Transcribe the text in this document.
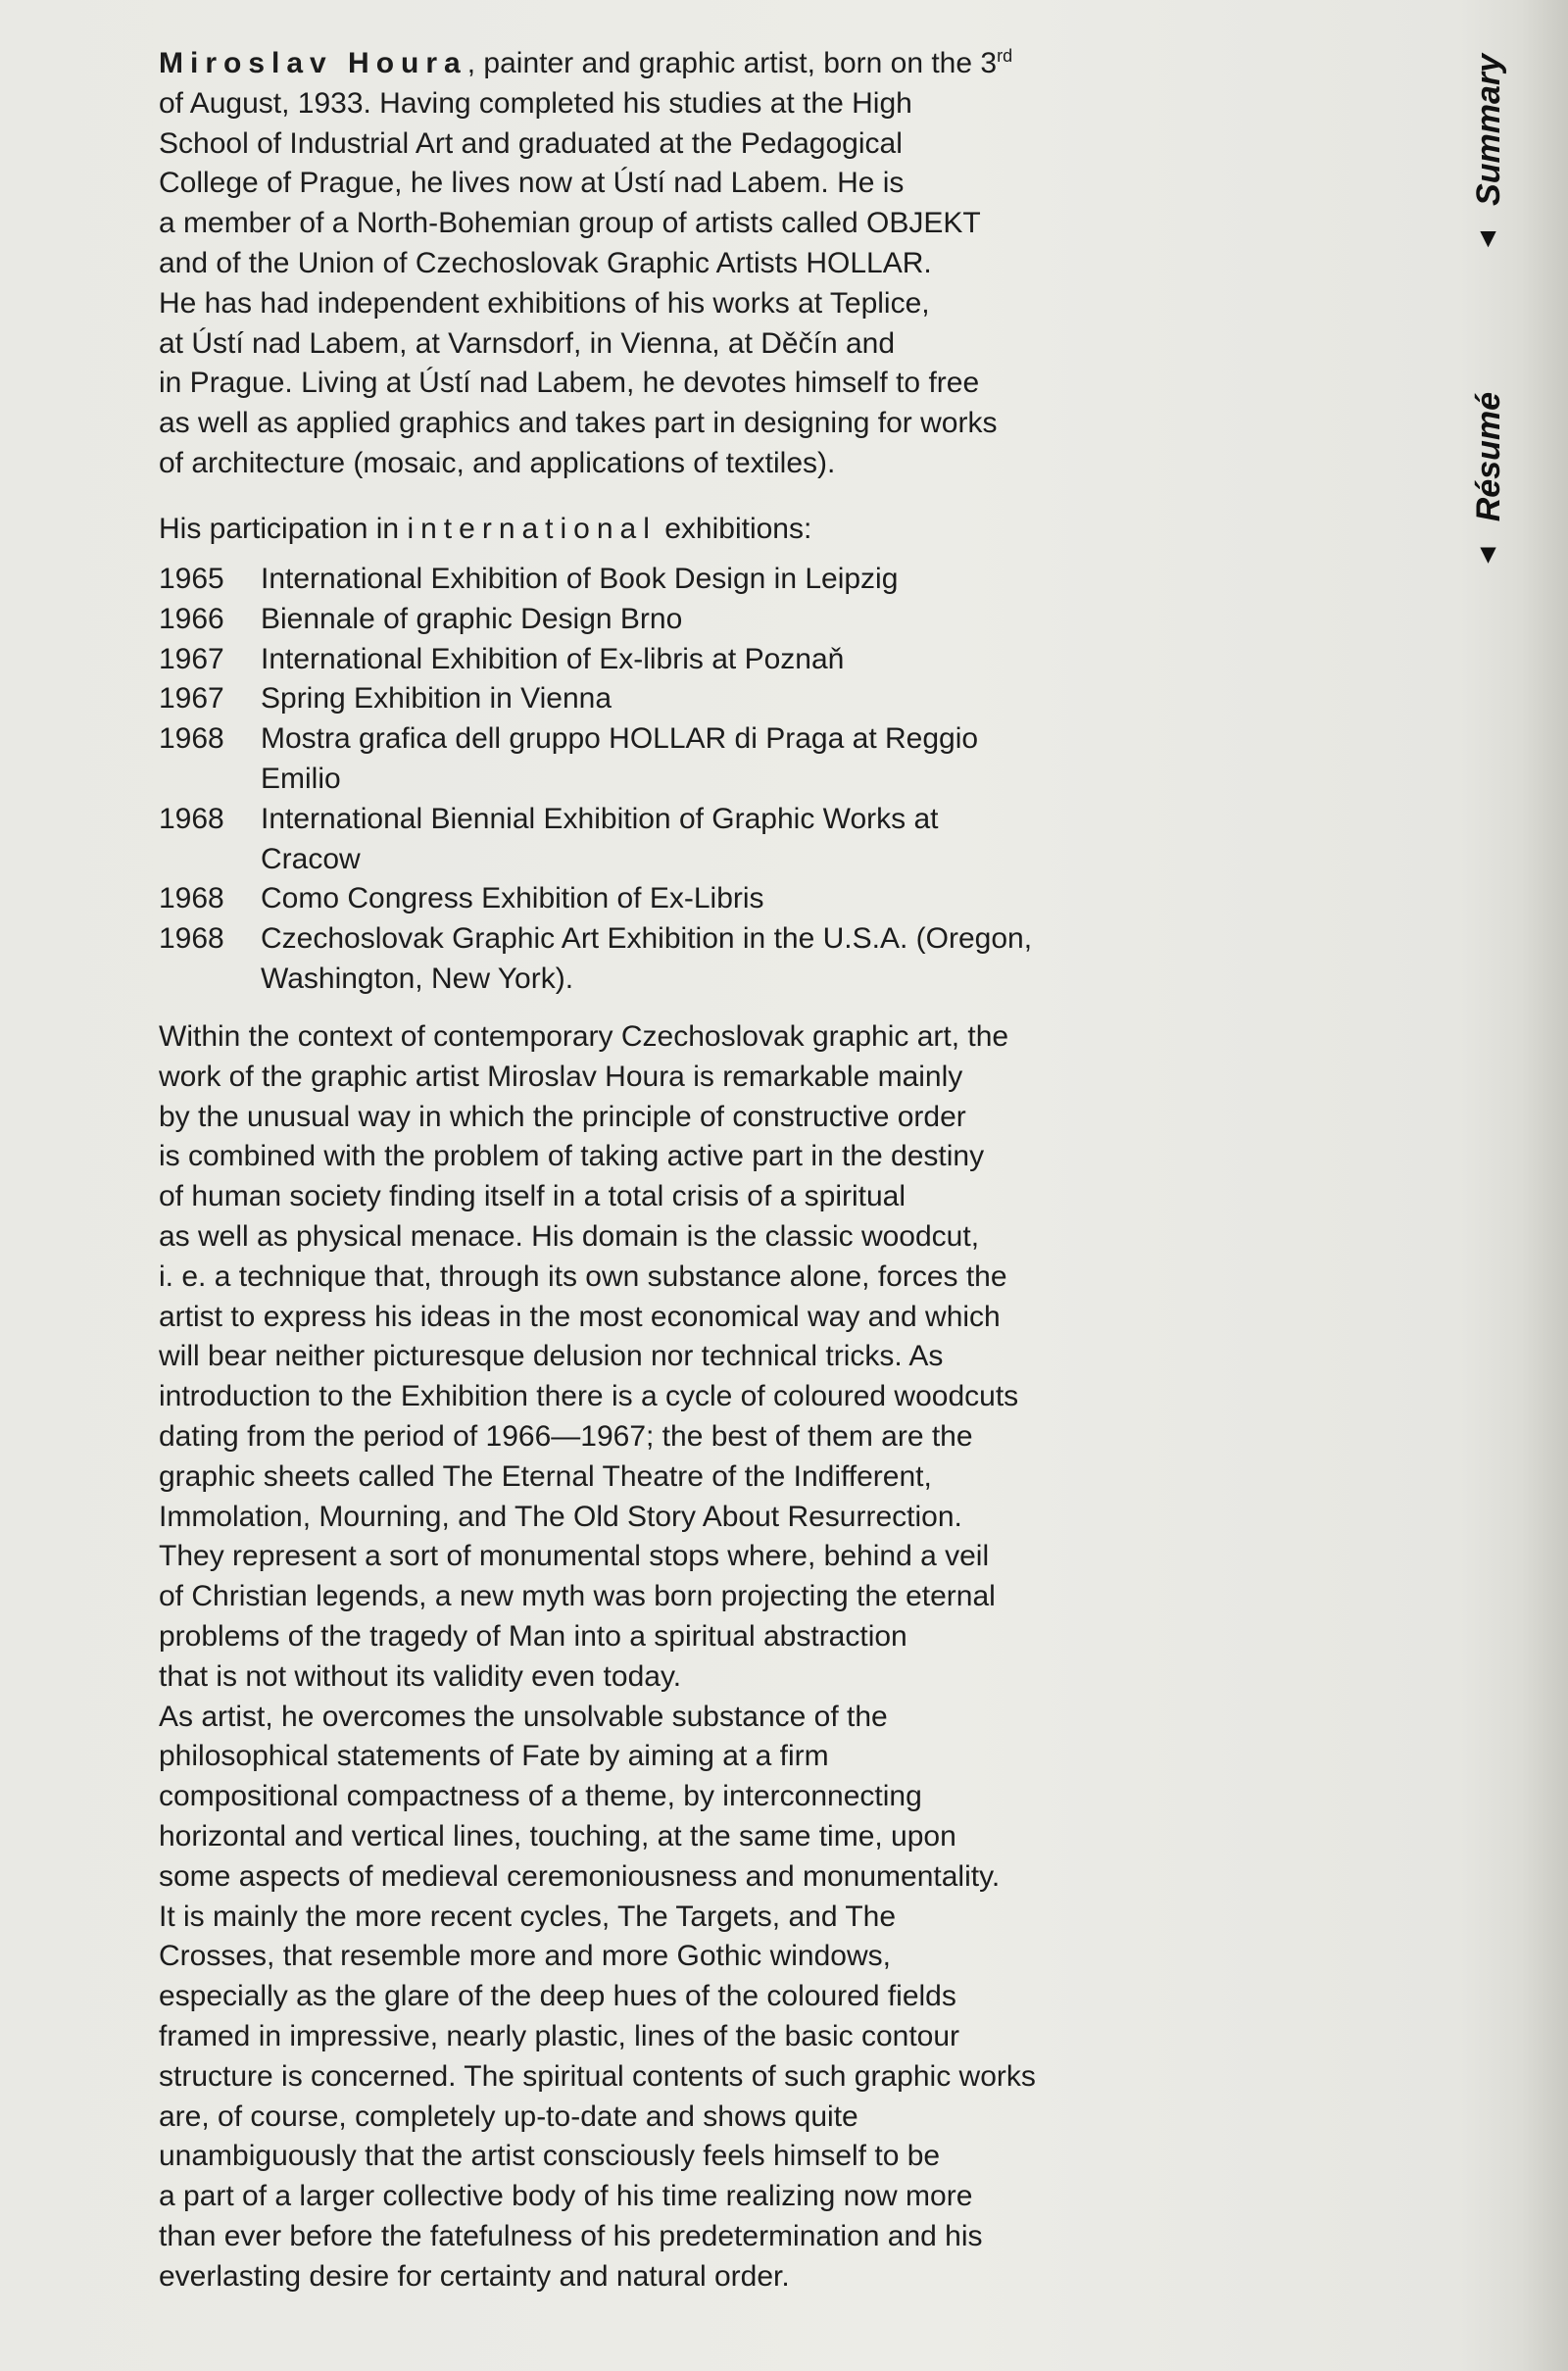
▲Summary
▲Résumé
Miroslav Houra, painter and graphic artist, born on the 3rd
of August, 1933. Having completed his studies at the High
School of Industrial Art and graduated at the Pedagogical
College of Prague, he lives now at Ústí nad Labem. He is
a member of a North-Bohemian group of artists called OBJEKT
and of the Union of Czechoslovak Graphic Artists HOLLAR.
He has had independent exhibitions of his works at Teplice,
at Ústí nad Labem, at Varnsdorf, in Vienna, at Děčín and
in Prague. Living at Ústí nad Labem, he devotes himself to free
as well as applied graphics and takes part in designing for works
of architecture (mosaic, and applications of textiles).
His participation in international exhibitions:
1965	International Exhibition of Book Design in Leipzig
1966	Biennale of graphic Design Brno
1967	International Exhibition of Ex-libris at Poznaň
1967	Spring Exhibition in Vienna
1968	Mostra grafica dell gruppo HOLLAR di Praga at Reggio
Emilio
1968	International Biennial Exhibition of Graphic Works at
Cracow
1968	Como Congress Exhibition of Ex-Libris
1968	Czechoslovak Graphic Art Exhibition in the U.S.A. (Oregon,
Washington, New York).
Within the context of contemporary Czechoslovak graphic art, the
work of the graphic artist Miroslav Houra is remarkable mainly
by the unusual way in which the principle of constructive order
is combined with the problem of taking active part in the destiny
of human society finding itself in a total crisis of a spiritual
as well as physical menace. His domain is the classic woodcut,
i. e. a technique that, through its own substance alone, forces the
artist to express his ideas in the most economical way and which
will bear neither picturesque delusion nor technical tricks. As
introduction to the Exhibition there is a cycle of coloured woodcuts
dating from the period of 1966—1967; the best of them are the
graphic sheets called The Eternal Theatre of the Indifferent,
Immolation, Mourning, and The Old Story About Resurrection.
They represent a sort of monumental stops where, behind a veil
of Christian legends, a new myth was born projecting the eternal
problems of the tragedy of Man into a spiritual abstraction
that is not without its validity even today.
As artist, he overcomes the unsolvable substance of the
philosophical statements of Fate by aiming at a firm
compositional compactness of a theme, by interconnecting
horizontal and vertical lines, touching, at the same time, upon
some aspects of medieval ceremoniousness and monumentality.
It is mainly the more recent cycles, The Targets, and The
Crosses, that resemble more and more Gothic windows,
especially as the glare of the deep hues of the coloured fields
framed in impressive, nearly plastic, lines of the basic contour
structure is concerned. The spiritual contents of such graphic works
are, of course, completely up-to-date and shows quite
unambiguously that the artist consciously feels himself to be
a part of a larger collective body of his time realizing now more
than ever before the fatefulness of his predetermination and his
everlasting desire for certainty and natural order.
